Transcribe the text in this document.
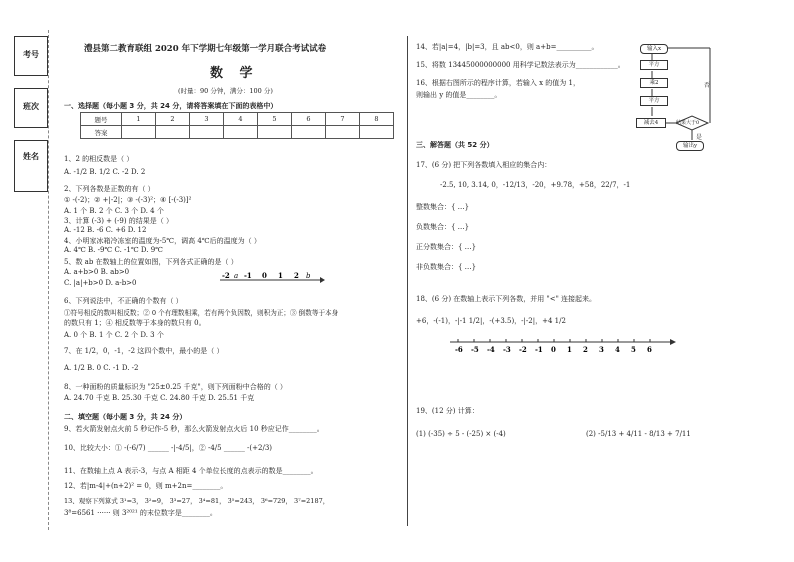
考号
班次
姓名
澧县第二教育联组 2020 年下学期七年级第一学月联合考试试卷
数 学
(时量：90 分钟，满分：100 分)
一、选择题（每小题 3 分，共 24 分，请将答案填在下面的表格中）
题号	1	2	3	4	5	6	7	8
答案								
1、2 的相反数是（ ）
A. -1/2 B. 1/2 C. -2 D. 2
2、下列各数是正数的有（ ）
① -(-2)；② +|-2|；③ -(-3)²；④ [-(-3)]²
A. 1 个 B. 2 个 C. 3 个 D. 4 个
3、计算 (-3) + (-9) 的结果是（ ）
A. -12 B. -6 C. +6 D. 12
4、小明家冰箱冷冻室的温度为-5℃，调高 4℃后的温度为（ ）
A. 4℃ B. -9℃ C. -1℃ D. 9℃
5、数 ab 在数轴上的位置如图，下列各式正确的是（ ）
A. a+b>0 B. ab>0
C. |a|+b>0 D. a-b>0
-2 a -1 0 1 2 b
6、下列说法中，不正确的个数有（ ）
①符号相反的数叫相反数；② 0 个有理数相乘，若有两个负因数，则积为正；③ 倒数等于本身
的数只有 1；④ 相反数等于本身的数只有 0。
A. 0 个 B. 1 个 C. 2 个 D. 3 个
7、在 1/2，0，-1，-2 这四个数中，最小的是（ ）
A. 1/2 B. 0 C. -1 D. -2
8、一种面粉的质量标识为 "25±0.25 千克"，则下列面粉中合格的（ ）
A. 24.70 千克 B. 25.30 千克 C. 24.80 千克 D. 25.51 千克
二、填空题（每小题 3 分，共 24 分）
9、若火箭发射点火前 5 秒记作-5 秒，那么火箭发射点火后 10 秒应记作________。
10、比较大小：① -(-6/7) ______ -|-4/5|，② -4/5 ______ -(+2/3)
11、在数轴上点 A 表示-3，与点 A 相距 4 个单位长度的点表示的数是________。
12、若|m-4|+(n+2)² = 0，则 m+2n=________。
13、观察下列算式 3¹=3， 3²=9， 3³=27， 3⁴=81， 3⁵=243， 3⁶=729， 3⁷=2187，
3⁸=6561 ······ 则 3²⁰²¹ 的末位数字是________。
14、若|a|=4，|b|=3，且 ab<0，则 a+b=__________。
15、将数 13445000000000 用科学记数法表示为____________。
16、根据右图所示的程序计算，若输入 x 的值为 1，
则输出 y 的值是________。
输入x
平方
乘2
平方
减去4	结果大于0
输出y
否
是
三、解答题（共 52 分）
17、(6 分) 把下列各数填入相应的集合内：
-2.5, 10, 3.14, 0，-12/13，-20，+9.78，+58，22/7，-1
整数集合：{ …}
负数集合：{ …}
正分数集合：{ …}
非负数集合：{ …}
18、(6 分) 在数轴上表示下列各数，并用 "<" 连接起来。
+6，-(-1)，-|-1 1/2|，-(+3.5)，-|-2|，+4 1/2
-6 -5 -4 -3 -2 -1 0 1 2 3 4 5 6
19、(12 分) 计算：
(1) (-35) ÷ 5 - (-25) × (-4)	(2) -5/13 + 4/11 - 8/13 + 7/11
